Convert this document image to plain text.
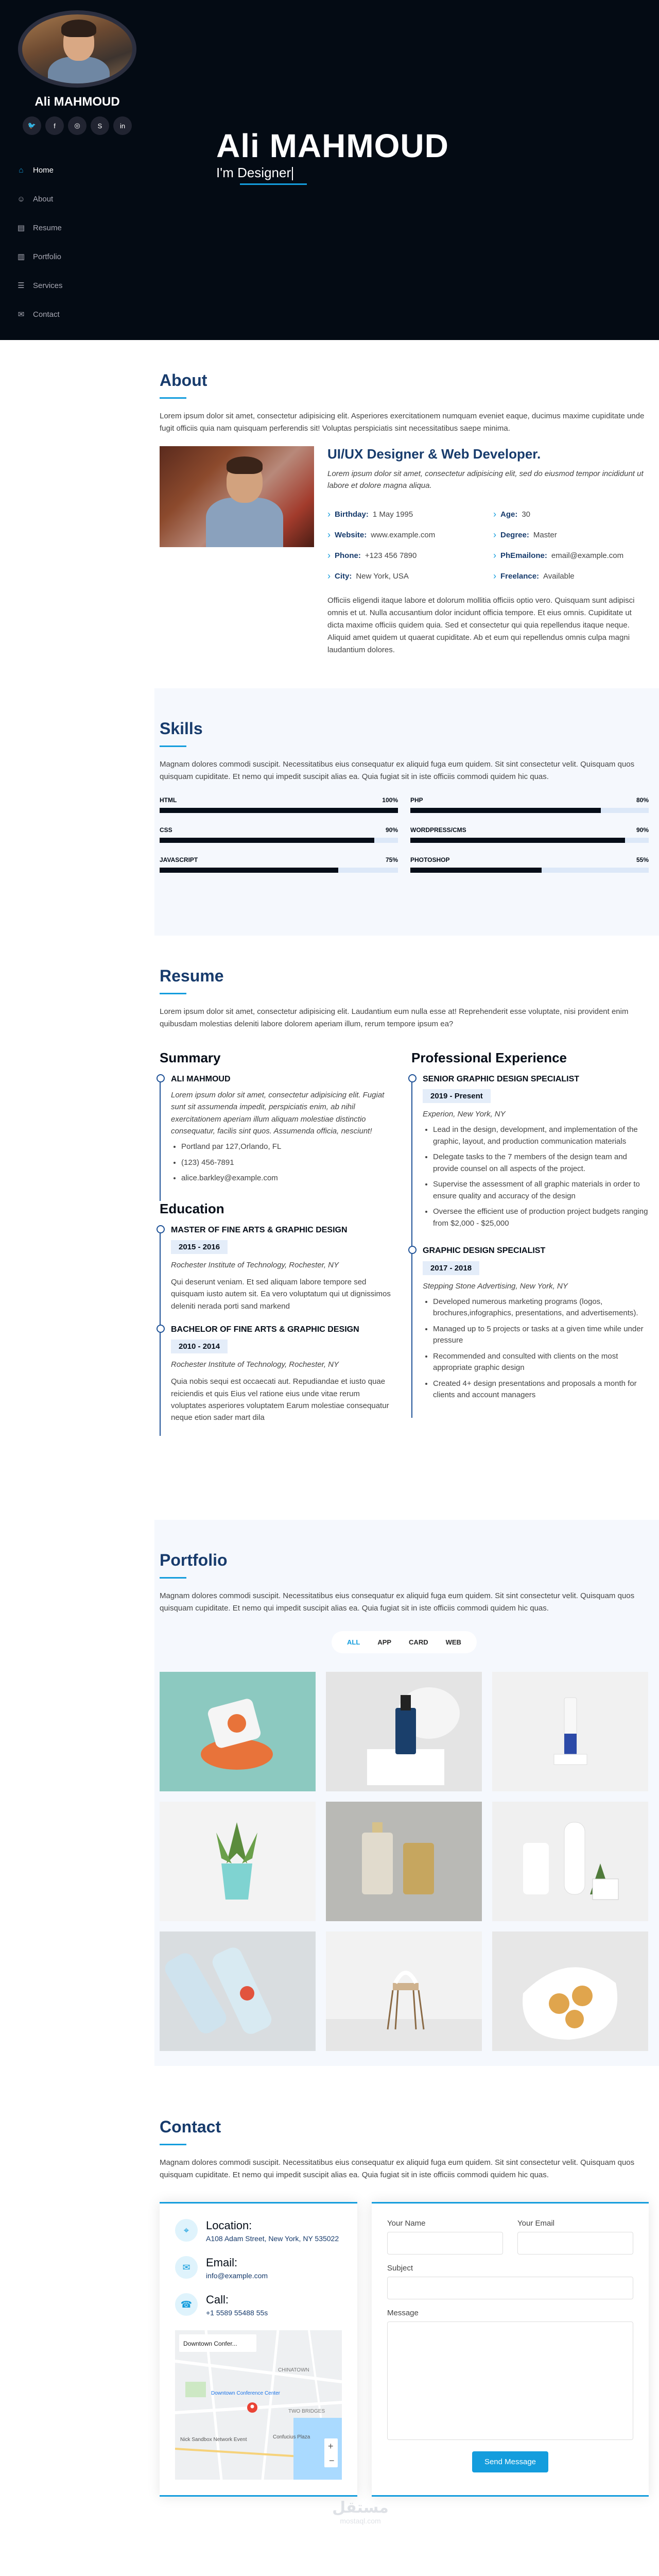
Ali MAHMOUD
🐦	f	◎	S	in
⌂	Home
☺ About
▤ Resume
▥ Portfolio
☰ Services
✉	Contact
Ali MAHMOUD
I'm Designer
About

Lorem ipsum dolor sit amet, consectetur adipisicing elit. Asperiores exercitationem numquam eveniet eaque, ducimus maxime cupiditate unde fugit officiis quia nam quisquam perferendis sit! Voluptas perspiciatis sint necessitatibus saepe minima.

UI/UX Designer & Web Developer.

Lorem ipsum dolor sit amet, consectetur adipisicing elit, sed do eiusmod tempor incididunt ut labore et dolore magna aliqua.

› Birthday: 1 May 1995	› Age: 30
› Website: www.example.com	› Degree: Master
› Phone: +123 456 7890	› PhEmailone: email@example.com
› City: New York, USA	› Freelance: Available

Officiis eligendi itaque labore et dolorum mollitia officiis optio vero. Quisquam sunt adipisci omnis et ut. Nulla accusantium dolor incidunt officia tempore. Et eius omnis. Cupiditate ut dicta maxime officiis quidem quia. Sed et consectetur qui quia repellendus itaque neque. Aliquid amet quidem ut quaerat cupiditate. Ab et eum qui repellendus omnis culpa magni laudantium dolores.

Skills

Magnam dolores commodi suscipit. Necessitatibus eius consequatur ex aliquid fuga eum quidem. Sit sint consectetur velit. Quisquam quos quisquam cupiditate. Et nemo qui impedit suscipit alias ea. Quia fugiat sit in iste officiis commodi quidem hic quas.

HTML	100% PHP	80%
CSS	90% WORDPRESS/CMS	90%
JAVASCRIPT	75% PHOTOSHOP	55%
Resume

Lorem ipsum dolor sit amet, consectetur adipisicing elit. Laudantium eum nulla esse at! Reprehenderit esse voluptate, nisi provident enim quibusdam molestias deleniti labore dolorem aperiam illum, rerum tempore ipsum ea?

Summary
ALI MAHMOUD

Lorem ipsum dolor sit amet, consectetur adipisicing elit. Fugiat sunt sit assumenda impedit, perspiciatis enim, ab nihil exercitationem aperiam illum aliquam molestiae distinctio consequatur, facilis sint quos. Assumenda officia, nesciunt!

• Portland par 127,Orlando, FL
• (123) 456-7891
• alice.barkley@example.com
Education
MASTER OF FINE ARTS & GRAPHIC DESIGN
2015 - 2016

Rochester Institute of Technology, Rochester, NY

Qui deserunt veniam. Et sed aliquam labore tempore sed quisquam iusto autem sit. Ea vero voluptatum qui ut dignissimos deleniti nerada porti sand markend

BACHELOR OF FINE ARTS & GRAPHIC DESIGN
2010 - 2014

Rochester Institute of Technology, Rochester, NY

Quia nobis sequi est occaecati aut. Repudiandae et iusto quae reiciendis et quis Eius vel ratione eius unde vitae rerum voluptates asperiores voluptatem Earum molestiae consequatur neque etion sader mart dila

Professional Experience
SENIOR GRAPHIC DESIGN SPECIALIST
2019 - Present

Experion, New York, NY

• Lead in the design, development, and implementation of the graphic, layout, and production communication materials
• Delegate tasks to the 7 members of the design team and provide counsel on all aspects of the project.
• Supervise the assessment of all graphic materials in order to ensure quality and accuracy of the design
• Oversee the efficient use of production project budgets ranging from $2,000 - $25,000
GRAPHIC DESIGN SPECIALIST
2017 - 2018

Stepping Stone Advertising, New York, NY

• Developed numerous marketing programs (logos, brochures,infographics, presentations, and advertisements).
• Managed up to 5 projects or tasks at a given time while under pressure
• Recommended and consulted with clients on the most appropriate graphic design
• Created 4+ design presentations and proposals a month for clients and account managers
Portfolio

Magnam dolores commodi suscipit. Necessitatibus eius consequatur ex aliquid fuga eum quidem. Sit sint consectetur velit. Quisquam quos quisquam cupiditate. Et nemo qui impedit suscipit alias ea. Quia fugiat sit in iste officiis commodi quidem hic quas.

ALL	APP	CARD	WEB
Contact

Magnam dolores commodi suscipit. Necessitatibus eius consequatur ex aliquid fuga eum quidem. Sit sint consectetur velit. Quisquam quos quisquam cupiditate. Et nemo qui impedit suscipit alias ea. Quia fugiat sit in iste officiis commodi quidem hic quas.

⌖	Location:

A108 Adam Street, New York, NY 535022

✉	Email:

info@example.com

☎	Call:

+1 5589 55488 55s

Downtown Confer...
CHINATOWN
TWO BRIDGES
Downtown Conference Center
Confucius Plaza
Nick Sandbox Network Event
+
−
Your Name	Your Email
Subject
Message
Send Message
مستقل
mostaql.com
